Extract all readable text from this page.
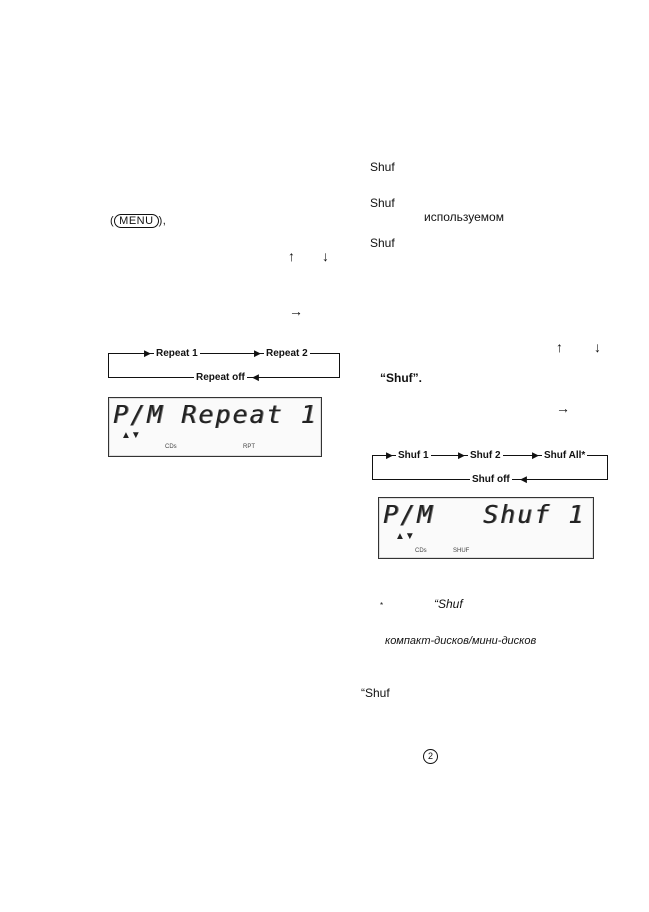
( MENU ),
↑ ↓
→
▶ Repeat 1	▶ Repeat 2
Repeat off ◀
P/M Repeat 1
▲▼
CDs	RPT
Shuf
Shuf
используемом
Shuf
↑ ↓
“Shuf”.
→
▶ Shuf 1	▶ Shuf 2	▶ Shuf All*
Shuf off ◀
P/M Shuf 1
▲▼
CDs	SHUF
*	“Shuf
компакт-дисков/мини-дисков
“Shuf
2
